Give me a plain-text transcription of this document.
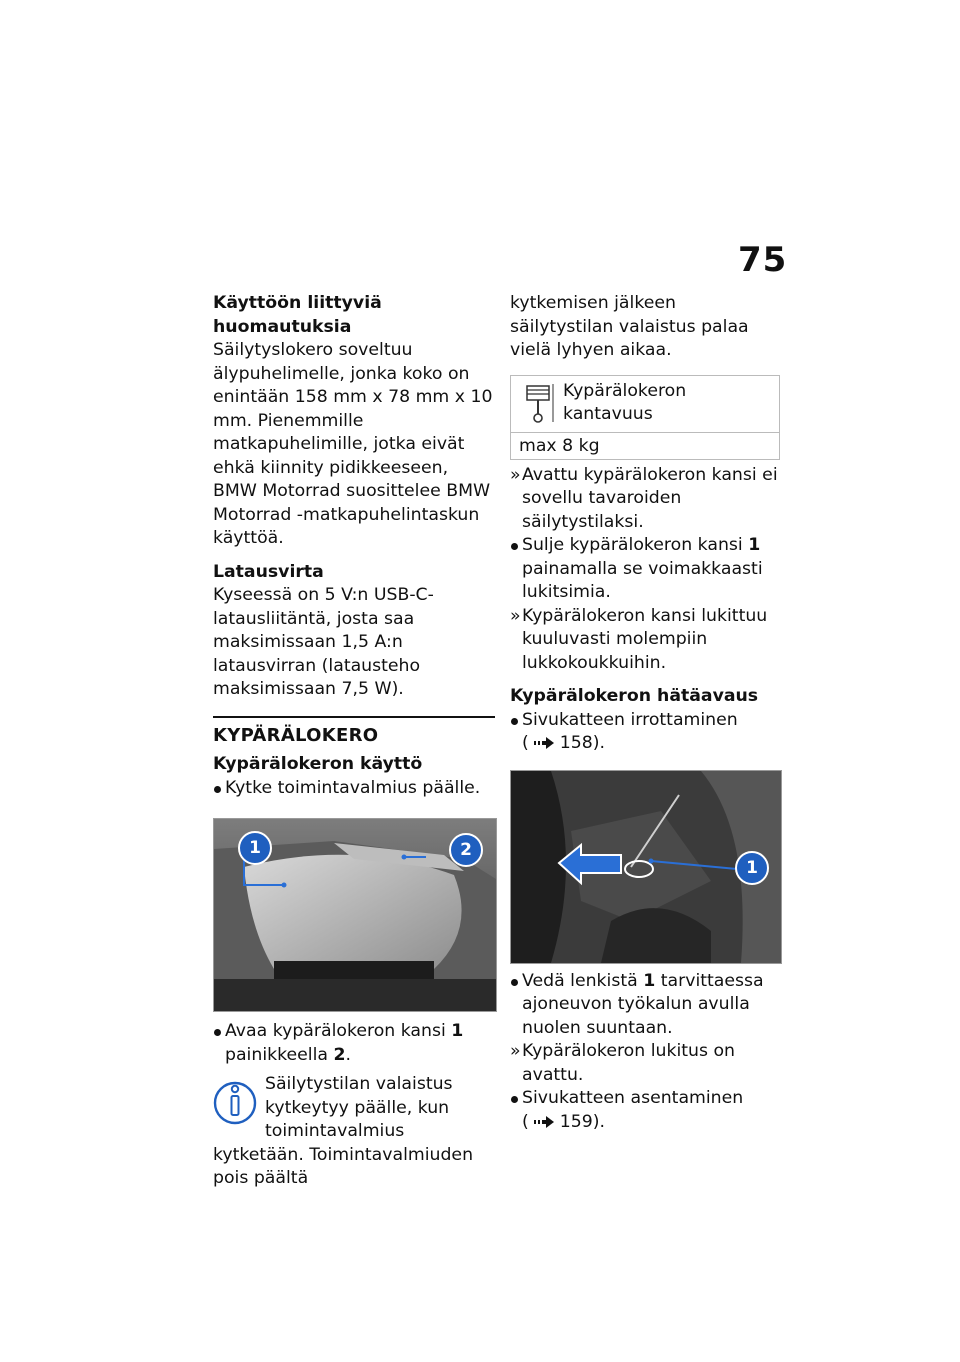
75
Käyttöön liittyviä huomautuksia

Säilytyslokero soveltuu älypuhelimelle, jonka koko on enintään 158 mm x 78 mm x 10 mm. Pienemmille matkapuhelimille, jotka eivät ehkä kiinnity pidikkeeseen, BMW Motorrad suosittelee BMW Motorrad -matkapuhelintaskun käyttöä.

Latausvirta

Kyseessä on 5 V:n USB-C-latausliitäntä, josta saa maksimissaan 1,5 A:n latausvirran (latausteho maksimissaan 7,5 W).

KYPÄRÄLOKERO
Kypärälokeron käyttö

Kytke toimintavalmius päälle.

1	2

Avaa kypärälokeron kansi 1 painikkeella 2.

Säilytystilan valaistus kytkeytyy päälle, kun toimintavalmius kytketään. Toimintavalmiuden pois päältä

kytkemisen jälkeen säilytystilan valaistus palaa vielä lyhyen aikaa.

Kypärälokeron kantavuus
max 8 kg

» Avattu kypärälokeron kansi ei sovellu tavaroiden säilytystilaksi.

Sulje kypärälokeron kansi 1 painamalla se voimakkaasti lukitsimia.

» Kypärälokeron kansi lukittuu kuuluvasti molempiin lukkokoukkuihin.

Kypärälokeron hätäavaus

Sivukatteen irrottaminen
( 158).

1

Vedä lenkistä 1 tarvittaessa ajoneuvon työkalun avulla nuolen suuntaan.

» Kypärälokeron lukitus on avattu.

Sivukatteen asentaminen
( 159).
